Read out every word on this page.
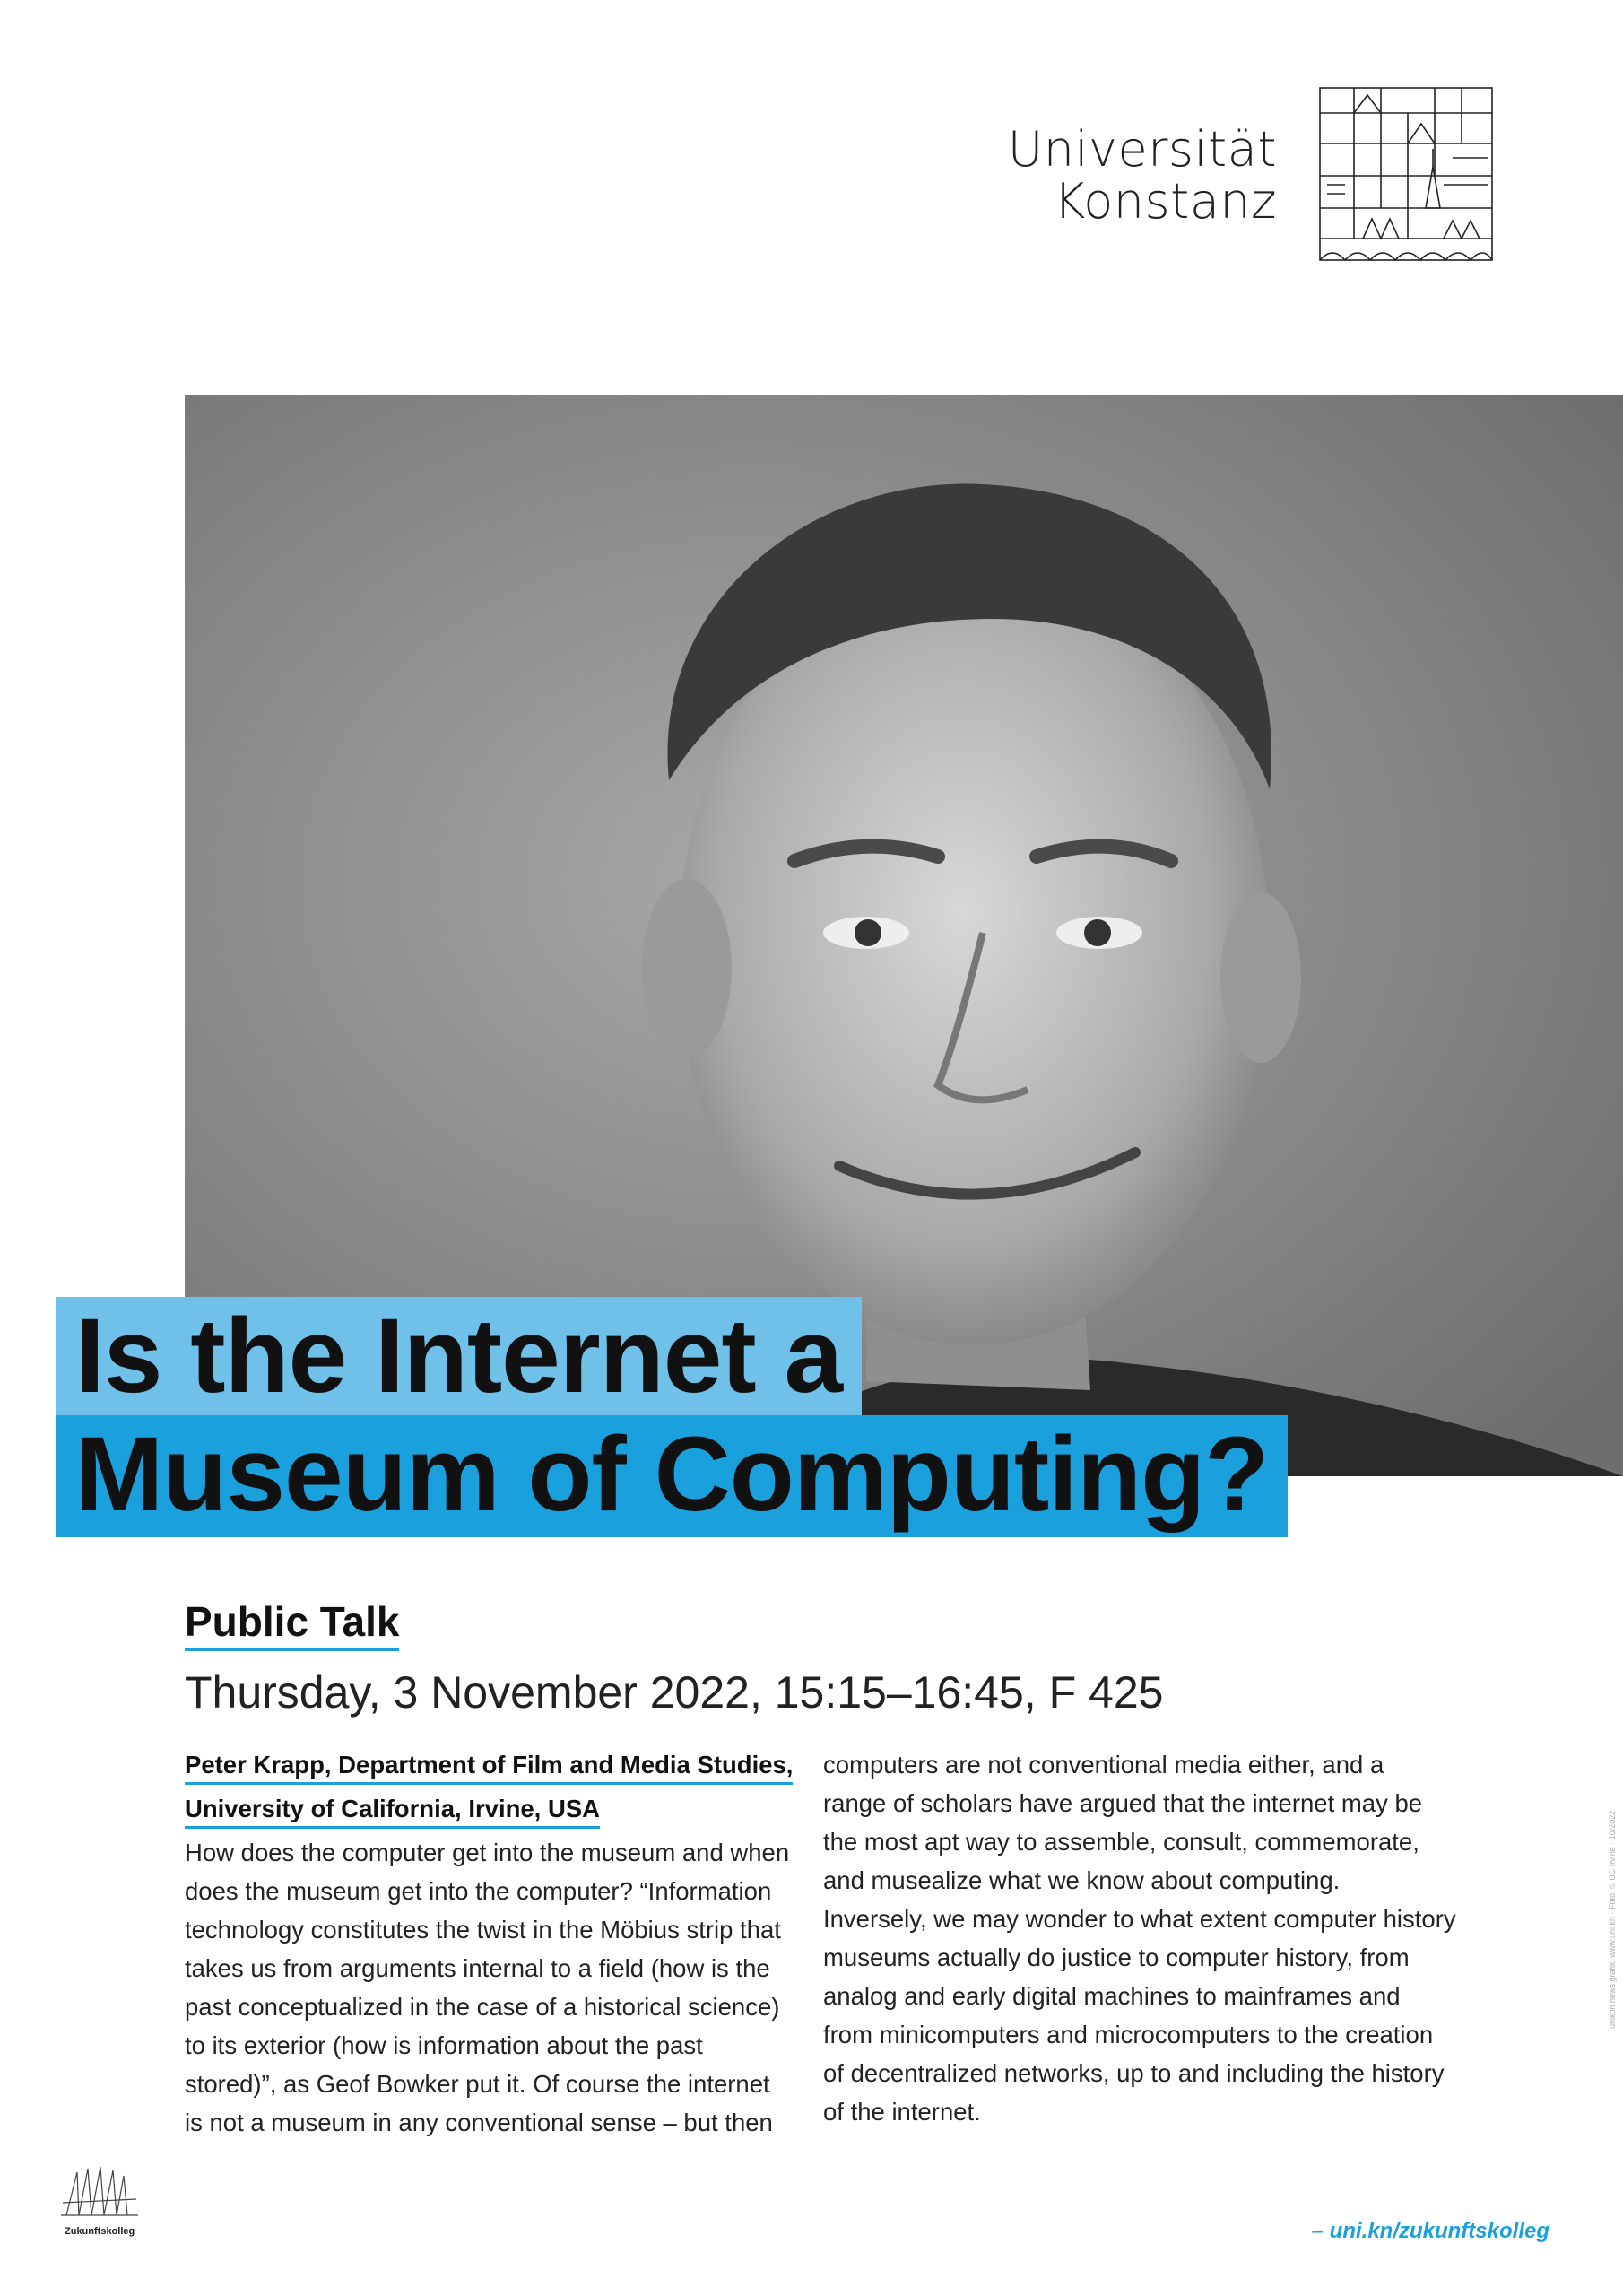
Universität
Konstanz
Is the Internet a
Museum of Computing?
Public Talk
Thursday, 3 November 2022, 15:15–16:45, F 425
Peter Krapp, Department of Film and Media Studies,
University of California, Irvine, USA
How does the computer get into the museum and when
does the museum get into the computer? “Information
technology constitutes the twist in the Möbius strip that
takes us from arguments internal to a field (how is the
past conceptualized in the case of a historical science)
to its exterior (how is information about the past
stored)”, as Geof Bowker put it. Of course the internet
is not a museum in any conventional sense – but then
computers are not conventional media either, and a
range of scholars have argued that the internet may be
the most apt way to assemble, consult, commemorate,
and musealize what we know about computing.
Inversely, we may wonder to what extent computer history
museums actually do justice to computer history, from
analog and early digital machines to mainframes and
from minicomputers and microcomputers to the creation
of decentralized networks, up to and including the history
of the internet.
Zukunftskolleg	– uni.kn/zukunftskolleg
unikon news grafik, www.uni.kn · Foto: © UC Irvine · 10/2022
